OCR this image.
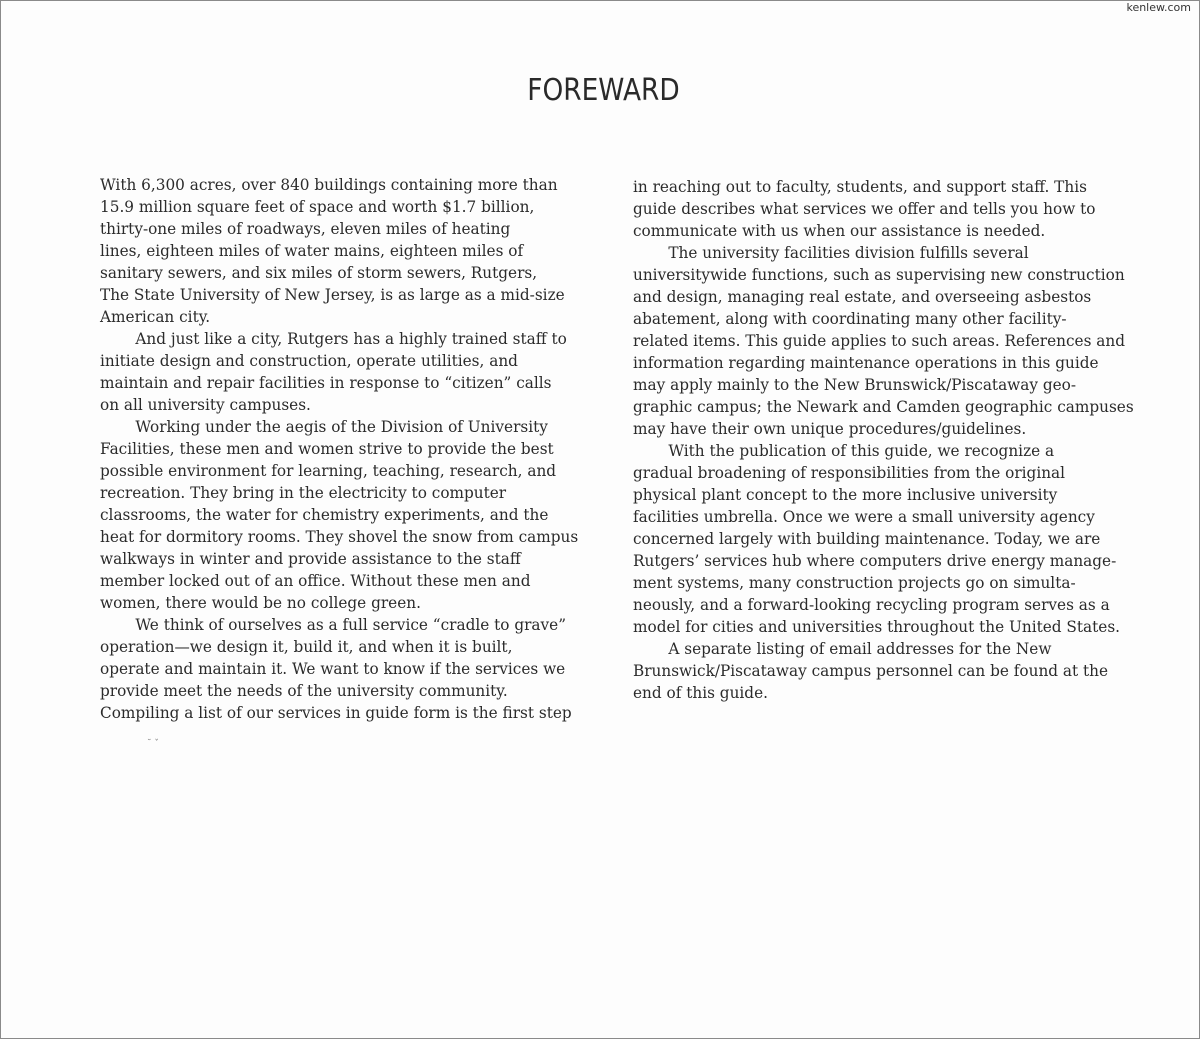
kenlew.com
FOREWARD
With 6,300 acres, over 840 buildings containing more than
15.9 million square feet of space and worth $1.7 billion,
thirty-one miles of roadways, eleven miles of heating
lines, eighteen miles of water mains, eighteen miles of
sanitary sewers, and six miles of storm sewers, Rutgers,
The State University of New Jersey, is as large as a mid-size
American city.
And just like a city, Rutgers has a highly trained staff to
initiate design and construction, operate utilities, and
maintain and repair facilities in response to “citizen” calls
on all university campuses.
Working under the aegis of the Division of University
Facilities, these men and women strive to provide the best
possible environment for learning, teaching, research, and
recreation. They bring in the electricity to computer
classrooms, the water for chemistry experiments, and the
heat for dormitory rooms. They shovel the snow from campus
walkways in winter and provide assistance to the staff
member locked out of an office. Without these men and
women, there would be no college green.
We think of ourselves as a full service “cradle to grave”
operation—we design it, build it, and when it is built,
operate and maintain it. We want to know if the services we
provide meet the needs of the university community.
Compiling a list of our services in guide form is the first step
in reaching out to faculty, students, and support staff. This
guide describes what services we offer and tells you how to
communicate with us when our assistance is needed.
The university facilities division fulfills several
universitywide functions, such as supervising new construction
and design, managing real estate, and overseeing asbestos
abatement, along with coordinating many other facility-
related items. This guide applies to such areas. References and
information regarding maintenance operations in this guide
may apply mainly to the New Brunswick/Piscataway geo-
graphic campus; the Newark and Camden geographic campuses
may have their own unique procedures/guidelines.
With the publication of this guide, we recognize a
gradual broadening of responsibilities from the original
physical plant concept to the more inclusive university
facilities umbrella. Once we were a small university agency
concerned largely with building maintenance. Today, we are
Rutgers’ services hub where computers drive energy manage-
ment systems, many construction projects go on simulta-
neously, and a forward-looking recycling program serves as a
model for cities and universities throughout the United States.
A separate listing of email addresses for the New
Brunswick/Piscataway campus personnel can be found at the
end of this guide.
˘ ˇ
